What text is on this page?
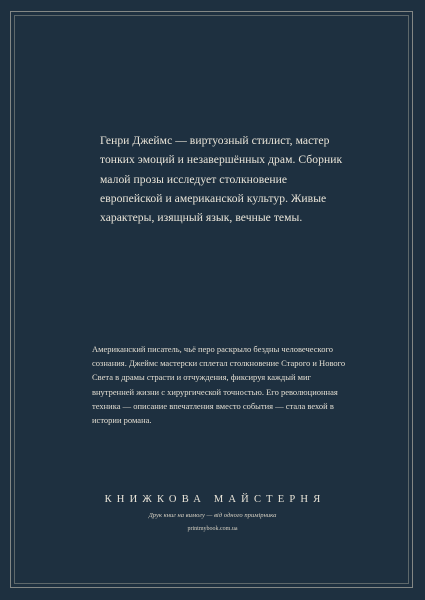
Генри Джеймс — виртуозный стилист, мастер тонких эмоций и незавершённых драм. Сборник малой прозы исследует столкновение европейской и американской культур. Живые характеры, изящный язык, вечные темы.

Американский писатель, чьё перо раскрыло бездны человеческого сознания. Джеймс мастерски сплетал столкновение Старого и Нового Света в драмы страсти и отчуждения, фиксируя каждый миг внутренней жизни с хирургической точностью. Его революционная техника — описание впечатления вместо события — стала вехой в истории романа.

КНИЖКОВА МАЙСТЕРНЯ
Друк книг на вимогу — від одного примірника
printmybook.com.ua
